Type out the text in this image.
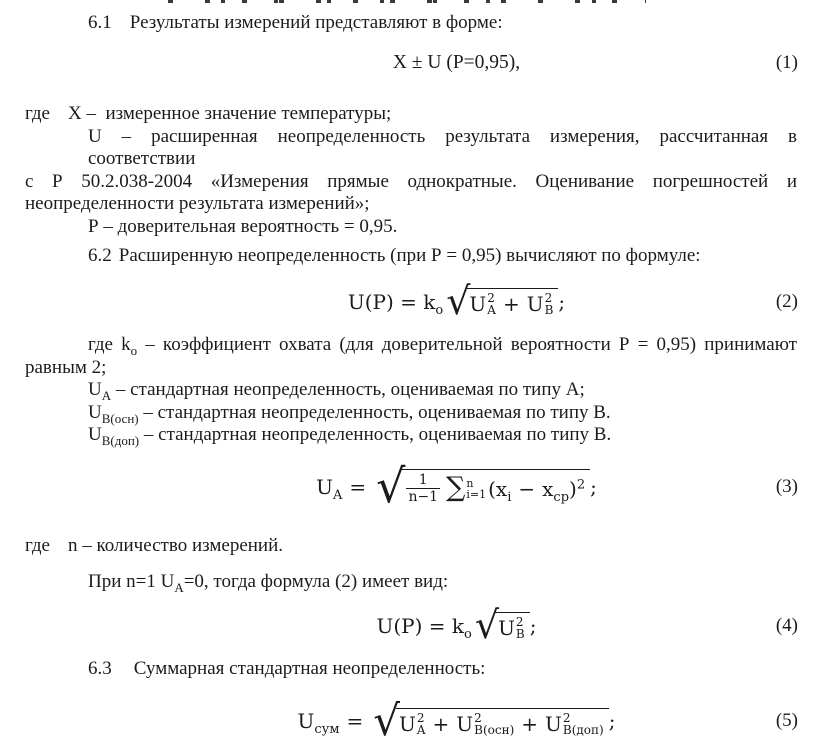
6.1 Результаты измерений представляют в форме:
Х ± U (Р=0,95),	(1)
где Х –  измеренное значение температуры;
U – расширенная неопределенность результата измерения, рассчитанная в соответствии
с Р 50.2.038-2004 «Измерения прямые однократные. Оценивание погрешностей и
неопределенности результата измерений»;
Р – доверительная вероятность = 0,95.
6.2 Расширенную неопределенность (при Р = 0,95) вычисляют по формуле:
$U(P) = k_о$ √ U 2
A + U 2
B ;	(2)
где $k_о$ – коэффициент охвата (для доверительной вероятности Р = 0,95) принимают
равным 2;
$U_А$ – стандартная неопределенность, оцениваемая по типу А;
$U_{В(осн)}$ – стандартная неопределенность, оцениваемая по типу В.
$U_{В(доп)}$ – стандартная неопределенность, оцениваемая по типу В.
$U_A$ = √ $\frac{1}{n-1}$ ∑ n
i=1 $(x_i - x_{ср})^2$ ;	(3)
где n – количество измерений.
При n=1 $U_А=0$, тогда формула (2) имеет вид:
$U(P) = k_о$ √ U 2
B ;	(4)
6.3 Суммарная стандартная неопределенность:
$U_{сум}$ = √ U 2
A + U 2
В(осн) + U 2
В(доп) ;	(5)
